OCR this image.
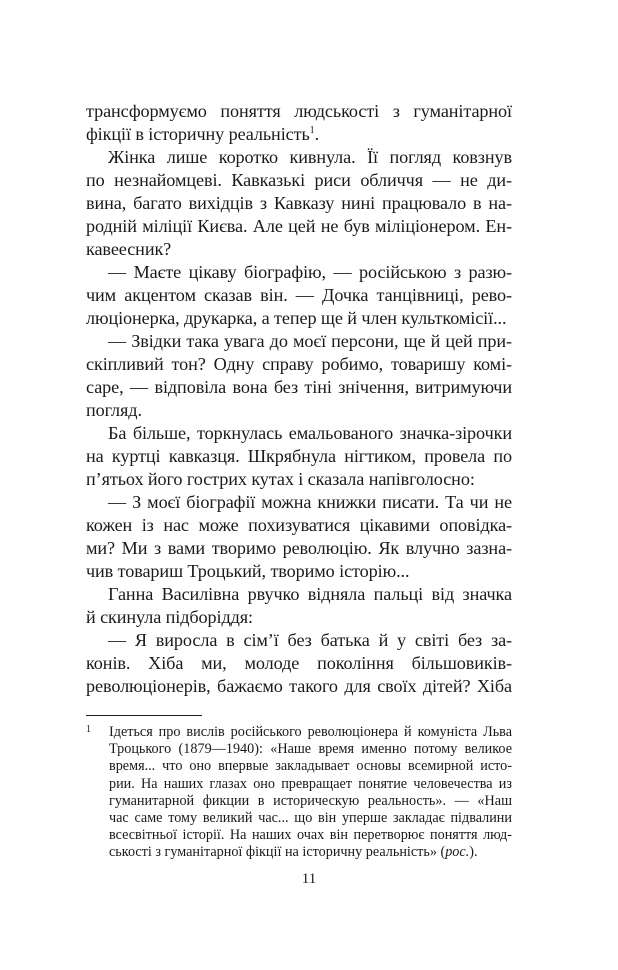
трансформуємо поняття людськості з гуманітарної
фікції в історичну реальність$^1$.
Жінка лише коротко кивнула. Її погляд ковзнув
по незнайомцеві. Кавказькі риси обличчя — не ди-
вина, багато вихідців з Кавказу нині працювало в на-
родній міліції Києва. Але цей не був міліціонером. Ен-
кавеесник?
— Маєте цікаву біографію, — російською з разю-
чим акцентом сказав він. — Дочка танцівниці, рево-
люціонерка, друкарка, а тепер ще й член культкомісії...
— Звідки така увага до моєї персони, ще й цей при-
скіпливий тон? Одну справу робимо, товаришу комі-
саре, — відповіла вона без тіні знічення, витримуючи
погляд.
Ба більше, торкнулась емальованого значка-зірочки
на куртці кавказця. Шкрябнула нігтиком, провела по
п’ятьох його гострих кутах і сказала напівголосно:
— З моєї біографії можна книжки писати. Та чи не
кожен із нас може похизуватися цікавими оповідка-
ми? Ми з вами творимо революцію. Як влучно зазна-
чив товариш Троцький, творимо історію...
Ганна Василівна рвучко відняла пальці від значка
й скинула підборіддя:
— Я виросла в сім’ї без батька й у світі без за-
конів. Хіба ми, молоде покоління більшовиків-
революціонерів, бажаємо такого для своїх дітей? Хіба
1 Ідеться про вислів російського революціонера й комуніста Льва
Троцького (1879—1940): «Наше время именно потому великое
время... что оно впервые закладывает основы всемирной исто-
рии. На наших глазах оно превращает понятие человечества из
гуманитарной фикции в историческую реальность». — «Наш
час саме тому великий час... що він уперше закладає підвалини
всесвітньої історії. На наших очах він перетворює поняття люд-
ськості з гуманітарної фікції на історичну реальність» (рос.).
11
